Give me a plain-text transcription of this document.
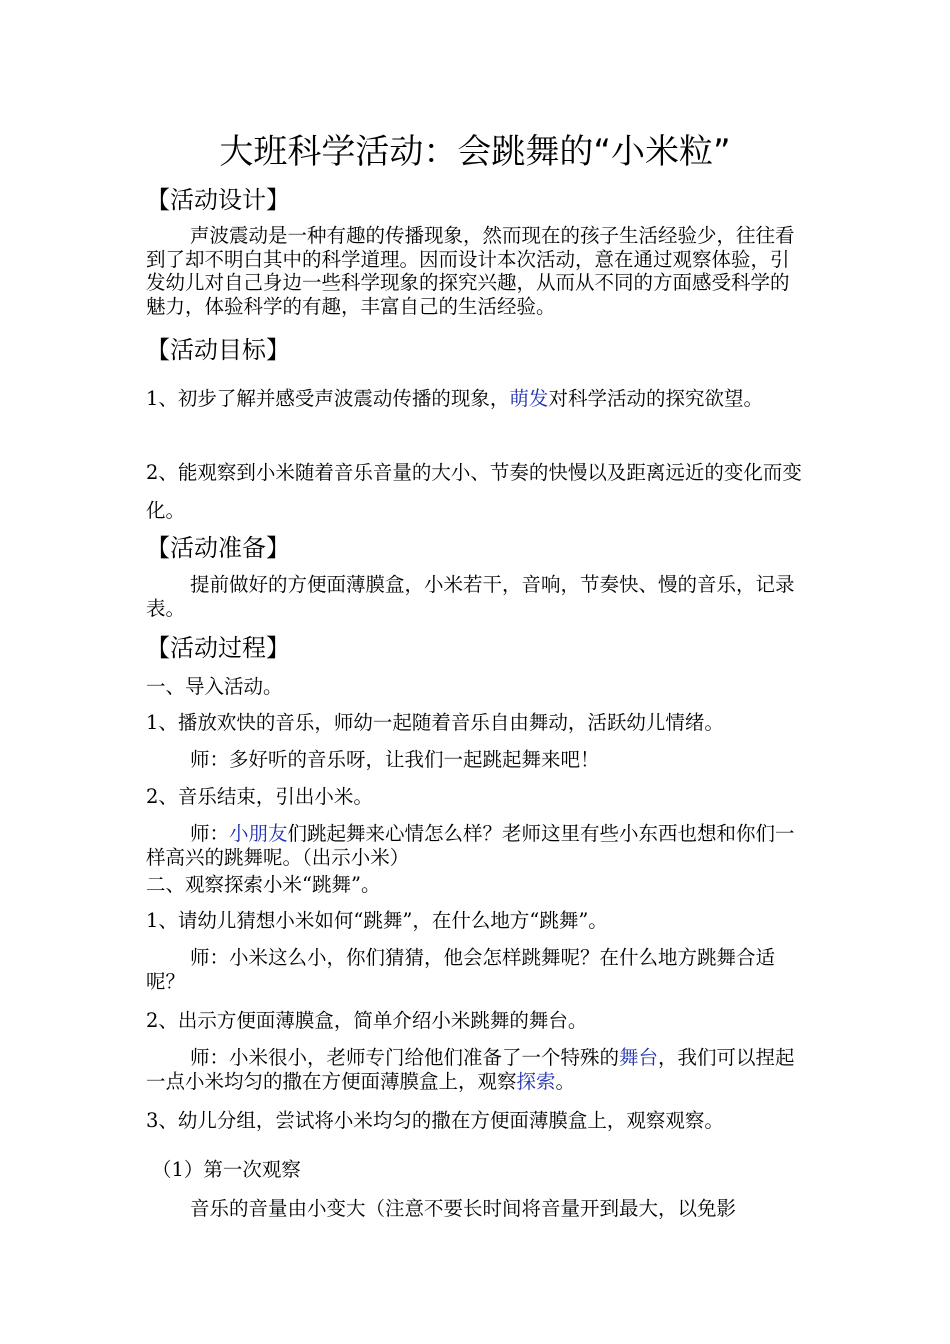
大班科学活动：会跳舞的“小米粒”
【活动设计】
声波震动是一种有趣的传播现象，然而现在的孩子生活经验少，往往看到了却不明白其中的科学道理。因而设计本次活动，意在通过观察体验，引发幼儿对自己身边一些科学现象的探究兴趣，从而从不同的方面感受科学的魅力，体验科学的有趣，丰富自己的生活经验。
【活动目标】
1、初步了解并感受声波震动传播的现象，萌发对科学活动的探究欲望。
2、能观察到小米随着音乐音量的大小、节奏的快慢以及距离远近的变化而变化。
【活动准备】
提前做好的方便面薄膜盒，小米若干，音响，节奏快、慢的音乐，记录表。
【活动过程】
一、导入活动。
1、播放欢快的音乐，师幼一起随着音乐自由舞动，活跃幼儿情绪。
师：多好听的音乐呀，让我们一起跳起舞来吧！
2、音乐结束，引出小米。
师：小朋友们跳起舞来心情怎么样？老师这里有些小东西也想和你们一样高兴的跳舞呢。（出示小米）
二、观察探索小米“跳舞”。
1、请幼儿猜想小米如何“跳舞”，在什么地方“跳舞”。
师：小米这么小，你们猜猜，他会怎样跳舞呢？在什么地方跳舞合适呢？
2、出示方便面薄膜盒，简单介绍小米跳舞的舞台。
师：小米很小，老师专门给他们准备了一个特殊的舞台，我们可以捏起一点小米均匀的撒在方便面薄膜盒上，观察探索。
3、幼儿分组，尝试将小米均匀的撒在方便面薄膜盒上，观察观察。
（1）第一次观察
音乐的音量由小变大（注意不要长时间将音量开到最大，以免影
